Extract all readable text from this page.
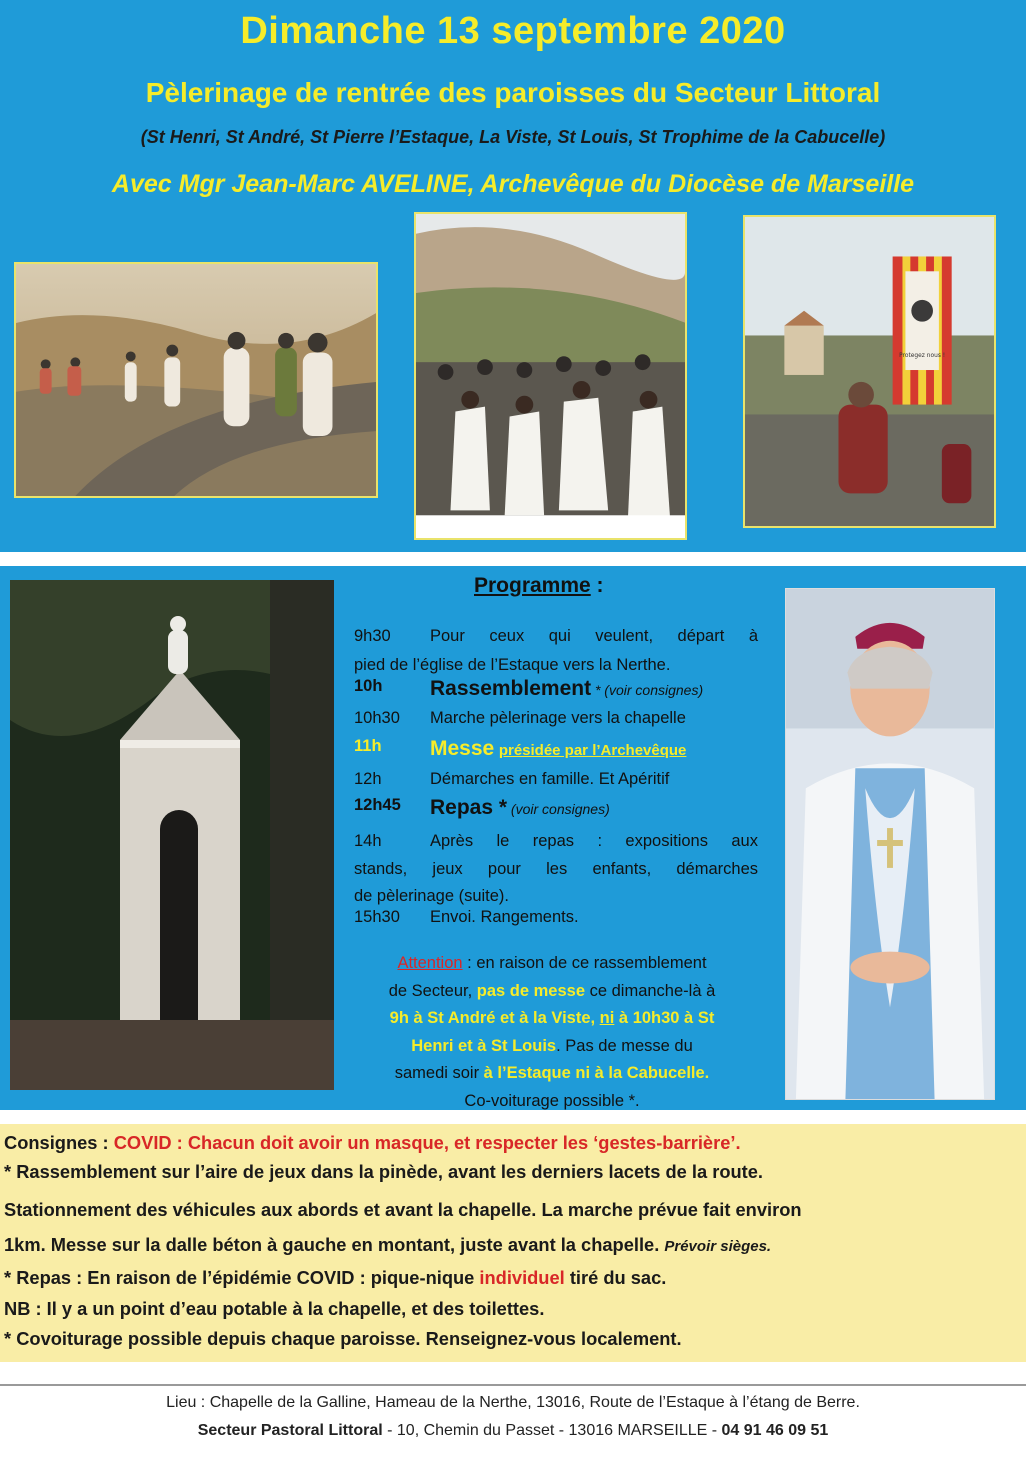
Dimanche 13 septembre 2020
Pèlerinage de rentrée des paroisses du Secteur Littoral
(St Henri, St André, St Pierre l’Estaque, La Viste, St Louis, St Trophime de la Cabucelle)
Avec Mgr Jean-Marc AVELINE, Archevêque du Diocèse de Marseille
Protegez nous !
Programme :
9h30 Pour ceux qui veulent, départ à
pied de l’église de l’Estaque vers la Nerthe.
10h Rassemblement * (voir consignes)
10h30 Marche pèlerinage vers la chapelle
11h Messe présidée par l’Archevêque
12h	Démarches en famille. Et Apéritif
12h45 Repas * (voir consignes)
14h	Après le repas : expositions aux
stands, jeux pour les enfants, démarches
de pèlerinage (suite).
15h30 Envoi. Rangements.
Attention : en raison de ce rassemblement
de Secteur, pas de messe ce dimanche-là à
9h à St André et à la Viste, ni à 10h30 à St
Henri et à St Louis. Pas de messe du
samedi soir à l’Estaque ni à la Cabucelle.
Co-voiturage possible *.
Consignes : COVID : Chacun doit avoir un masque, et respecter les ‘gestes-barrière’.
* Rassemblement sur l’aire de jeux dans la pinède, avant les derniers lacets de la route.
Stationnement des véhicules aux abords et avant la chapelle. La marche prévue fait environ
1km. Messe sur la dalle béton à gauche en montant, juste avant la chapelle. Prévoir sièges.
* Repas : En raison de l’épidémie COVID : pique-nique individuel tiré du sac.
NB : Il y a un point d’eau potable à la chapelle, et des toilettes.
* Covoiturage possible depuis chaque paroisse. Renseignez-vous localement.
Lieu : Chapelle de la Galline, Hameau de la Nerthe, 13016, Route de l’Estaque à l’étang de Berre.
Secteur Pastoral Littoral - 10, Chemin du Passet - 13016 MARSEILLE - 04 91 46 09 51
